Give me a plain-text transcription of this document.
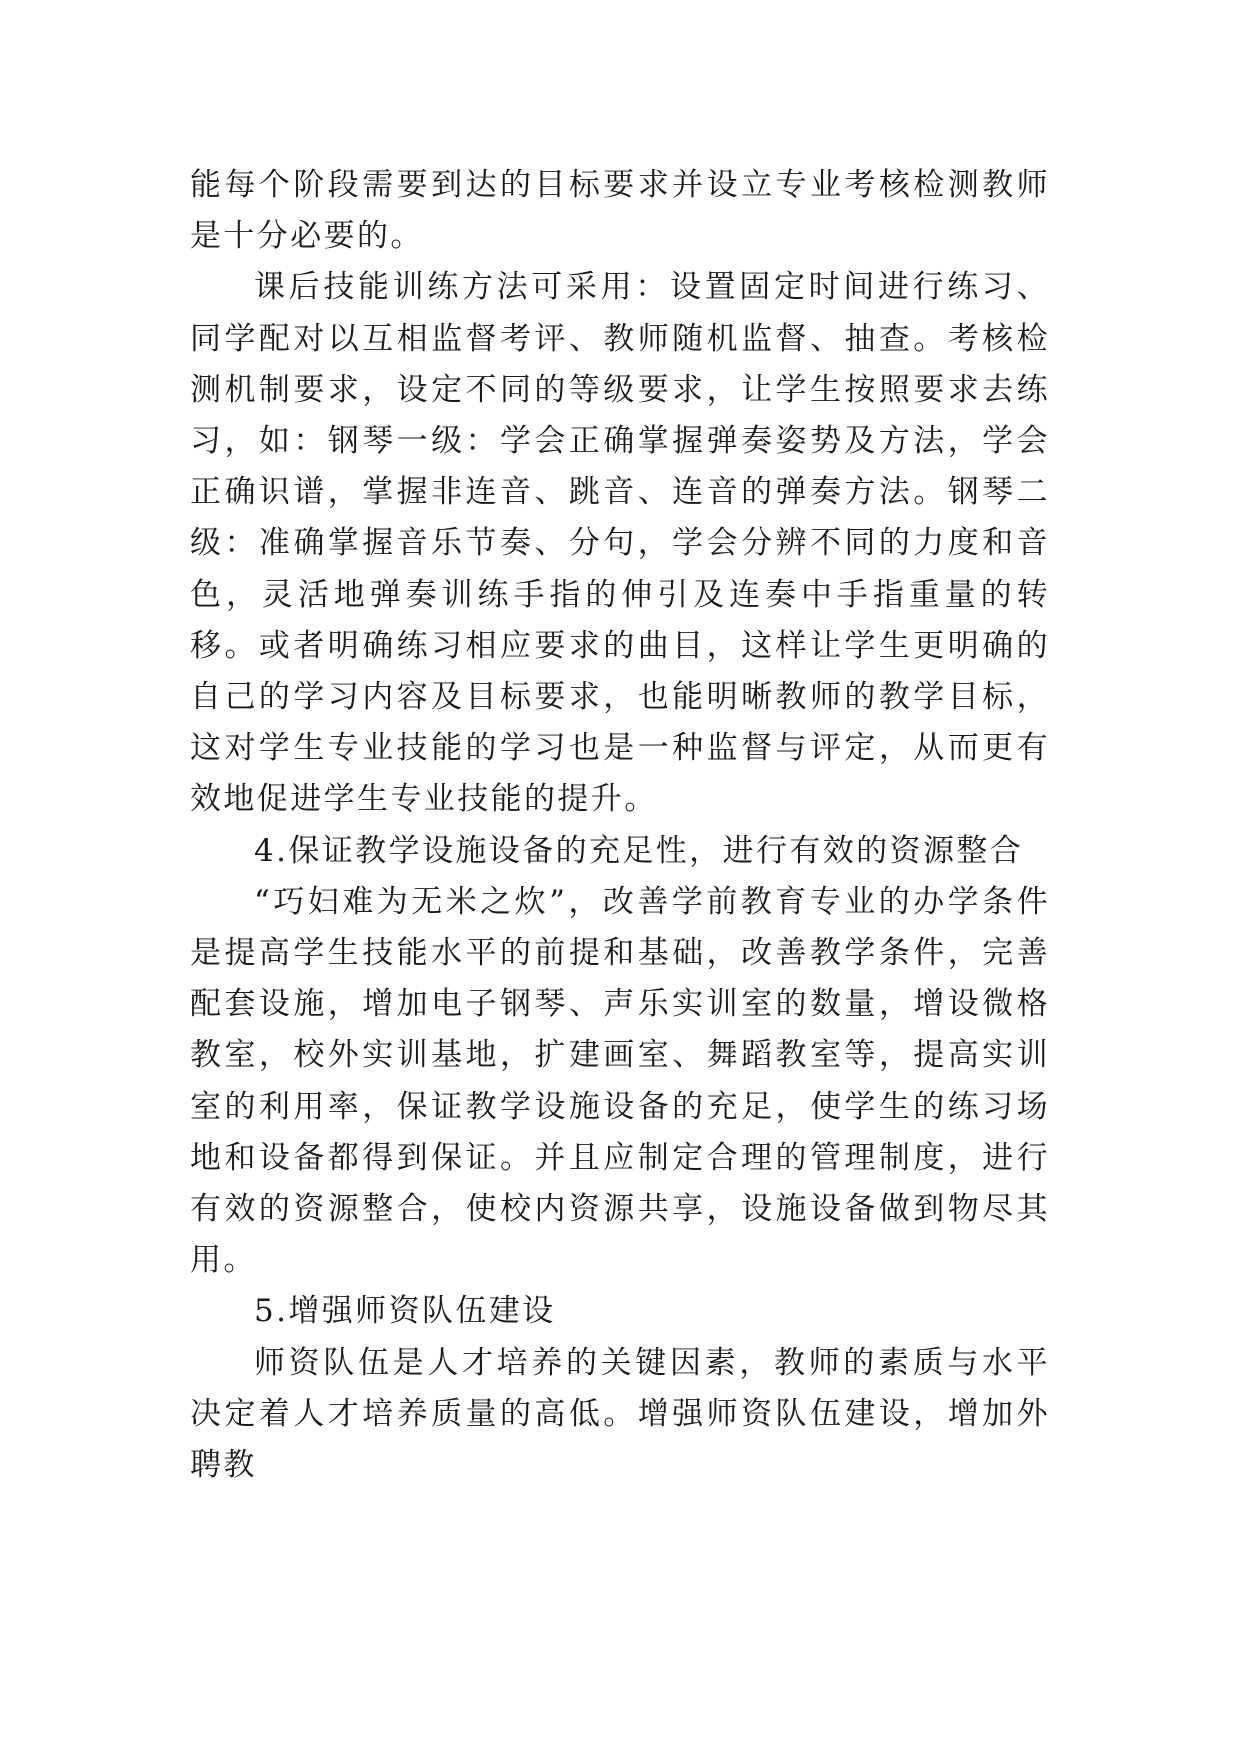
能每个阶段需要到达的目标要求并设立专业考核检测教师是十分必要的。

课后技能训练方法可采用：设置固定时间进行练习、同学配对以互相监督考评、教师随机监督、抽查。考核检测机制要求，设定不同的等级要求，让学生按照要求去练习，如：钢琴一级：学会正确掌握弹奏姿势及方法，学会正确识谱，掌握非连音、跳音、连音的弹奏方法。钢琴二级：准确掌握音乐节奏、分句，学会分辨不同的力度和音色，灵活地弹奏训练手指的伸引及连奏中手指重量的转移。或者明确练习相应要求的曲目，这样让学生更明确的自己的学习内容及目标要求，也能明晰教师的教学目标，这对学生专业技能的学习也是一种监督与评定，从而更有效地促进学生专业技能的提升。

4.保证教学设施设备的充足性，进行有效的资源整合

“巧妇难为无米之炊”，改善学前教育专业的办学条件是提高学生技能水平的前提和基础，改善教学条件，完善配套设施，增加电子钢琴、声乐实训室的数量，增设微格教室，校外实训基地，扩建画室、舞蹈教室等，提高实训室的利用率，保证教学设施设备的充足，使学生的练习场地和设备都得到保证。并且应制定合理的管理制度，进行有效的资源整合，使校内资源共享，设施设备做到物尽其用。

5.增强师资队伍建设

师资队伍是人才培养的关键因素，教师的素质与水平决定着人才培养质量的高低。增强师资队伍建设，增加外聘教
